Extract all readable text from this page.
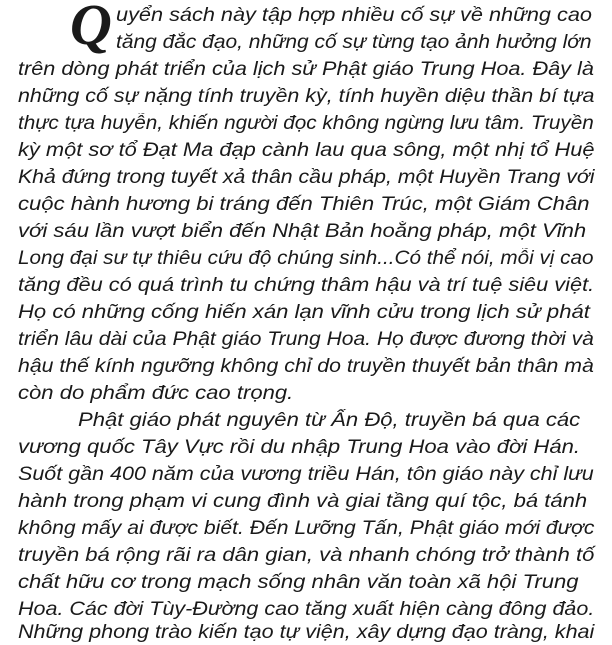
Q uyển sách này tập hợp nhiều cố sự về những cao
tăng đắc đạo, những cố sự từng tạo ảnh hưởng lớn
trên dòng phát triển của lịch sử Phật giáo Trung Hoa. Đây là
những cố sự nặng tính truyền kỳ, tính huyền diệu thần bí tựa
thực tựa huyễn, khiến người đọc không ngừng lưu tâm. Truyền
kỳ một sơ tổ Đạt Ma đạp cành lau qua sông, một nhị tổ Huệ
Khả đứng trong tuyết xả thân cầu pháp, một Huyền Trang với
cuộc hành hương bi tráng đến Thiên Trúc, một Giám Chân
với sáu lần vượt biển đến Nhật Bản hoằng pháp, một Vĩnh
Long đại sư tự thiêu cứu độ chúng sinh...Có thể nói, mỗi vị cao
tăng đều có quá trình tu chứng thâm hậu và trí tuệ siêu việt.
Họ có những cống hiến xán lạn vĩnh cửu trong lịch sử phát
triển lâu dài của Phật giáo Trung Hoa. Họ được đương thời và
hậu thế kính ngưỡng không chỉ do truyền thuyết bản thân mà
còn do phẩm đức cao trọng.
Phật giáo phát nguyên từ Ấn Độ, truyền bá qua các
vương quốc Tây Vực rồi du nhập Trung Hoa vào đời Hán.
Suốt gần 400 năm của vương triều Hán, tôn giáo này chỉ lưu
hành trong phạm vi cung đình và giai tầng quí tộc, bá tánh
không mấy ai được biết. Đến Lưỡng Tấn, Phật giáo mới được
truyền bá rộng rãi ra dân gian, và nhanh chóng trở thành tố
chất hữu cơ trong mạch sống nhân văn toàn xã hội Trung
Hoa. Các đời Tùy-Đường cao tăng xuất hiện càng đông đảo.
Những phong trào kiến tạo tự viện, xây dựng đạo tràng, khai
